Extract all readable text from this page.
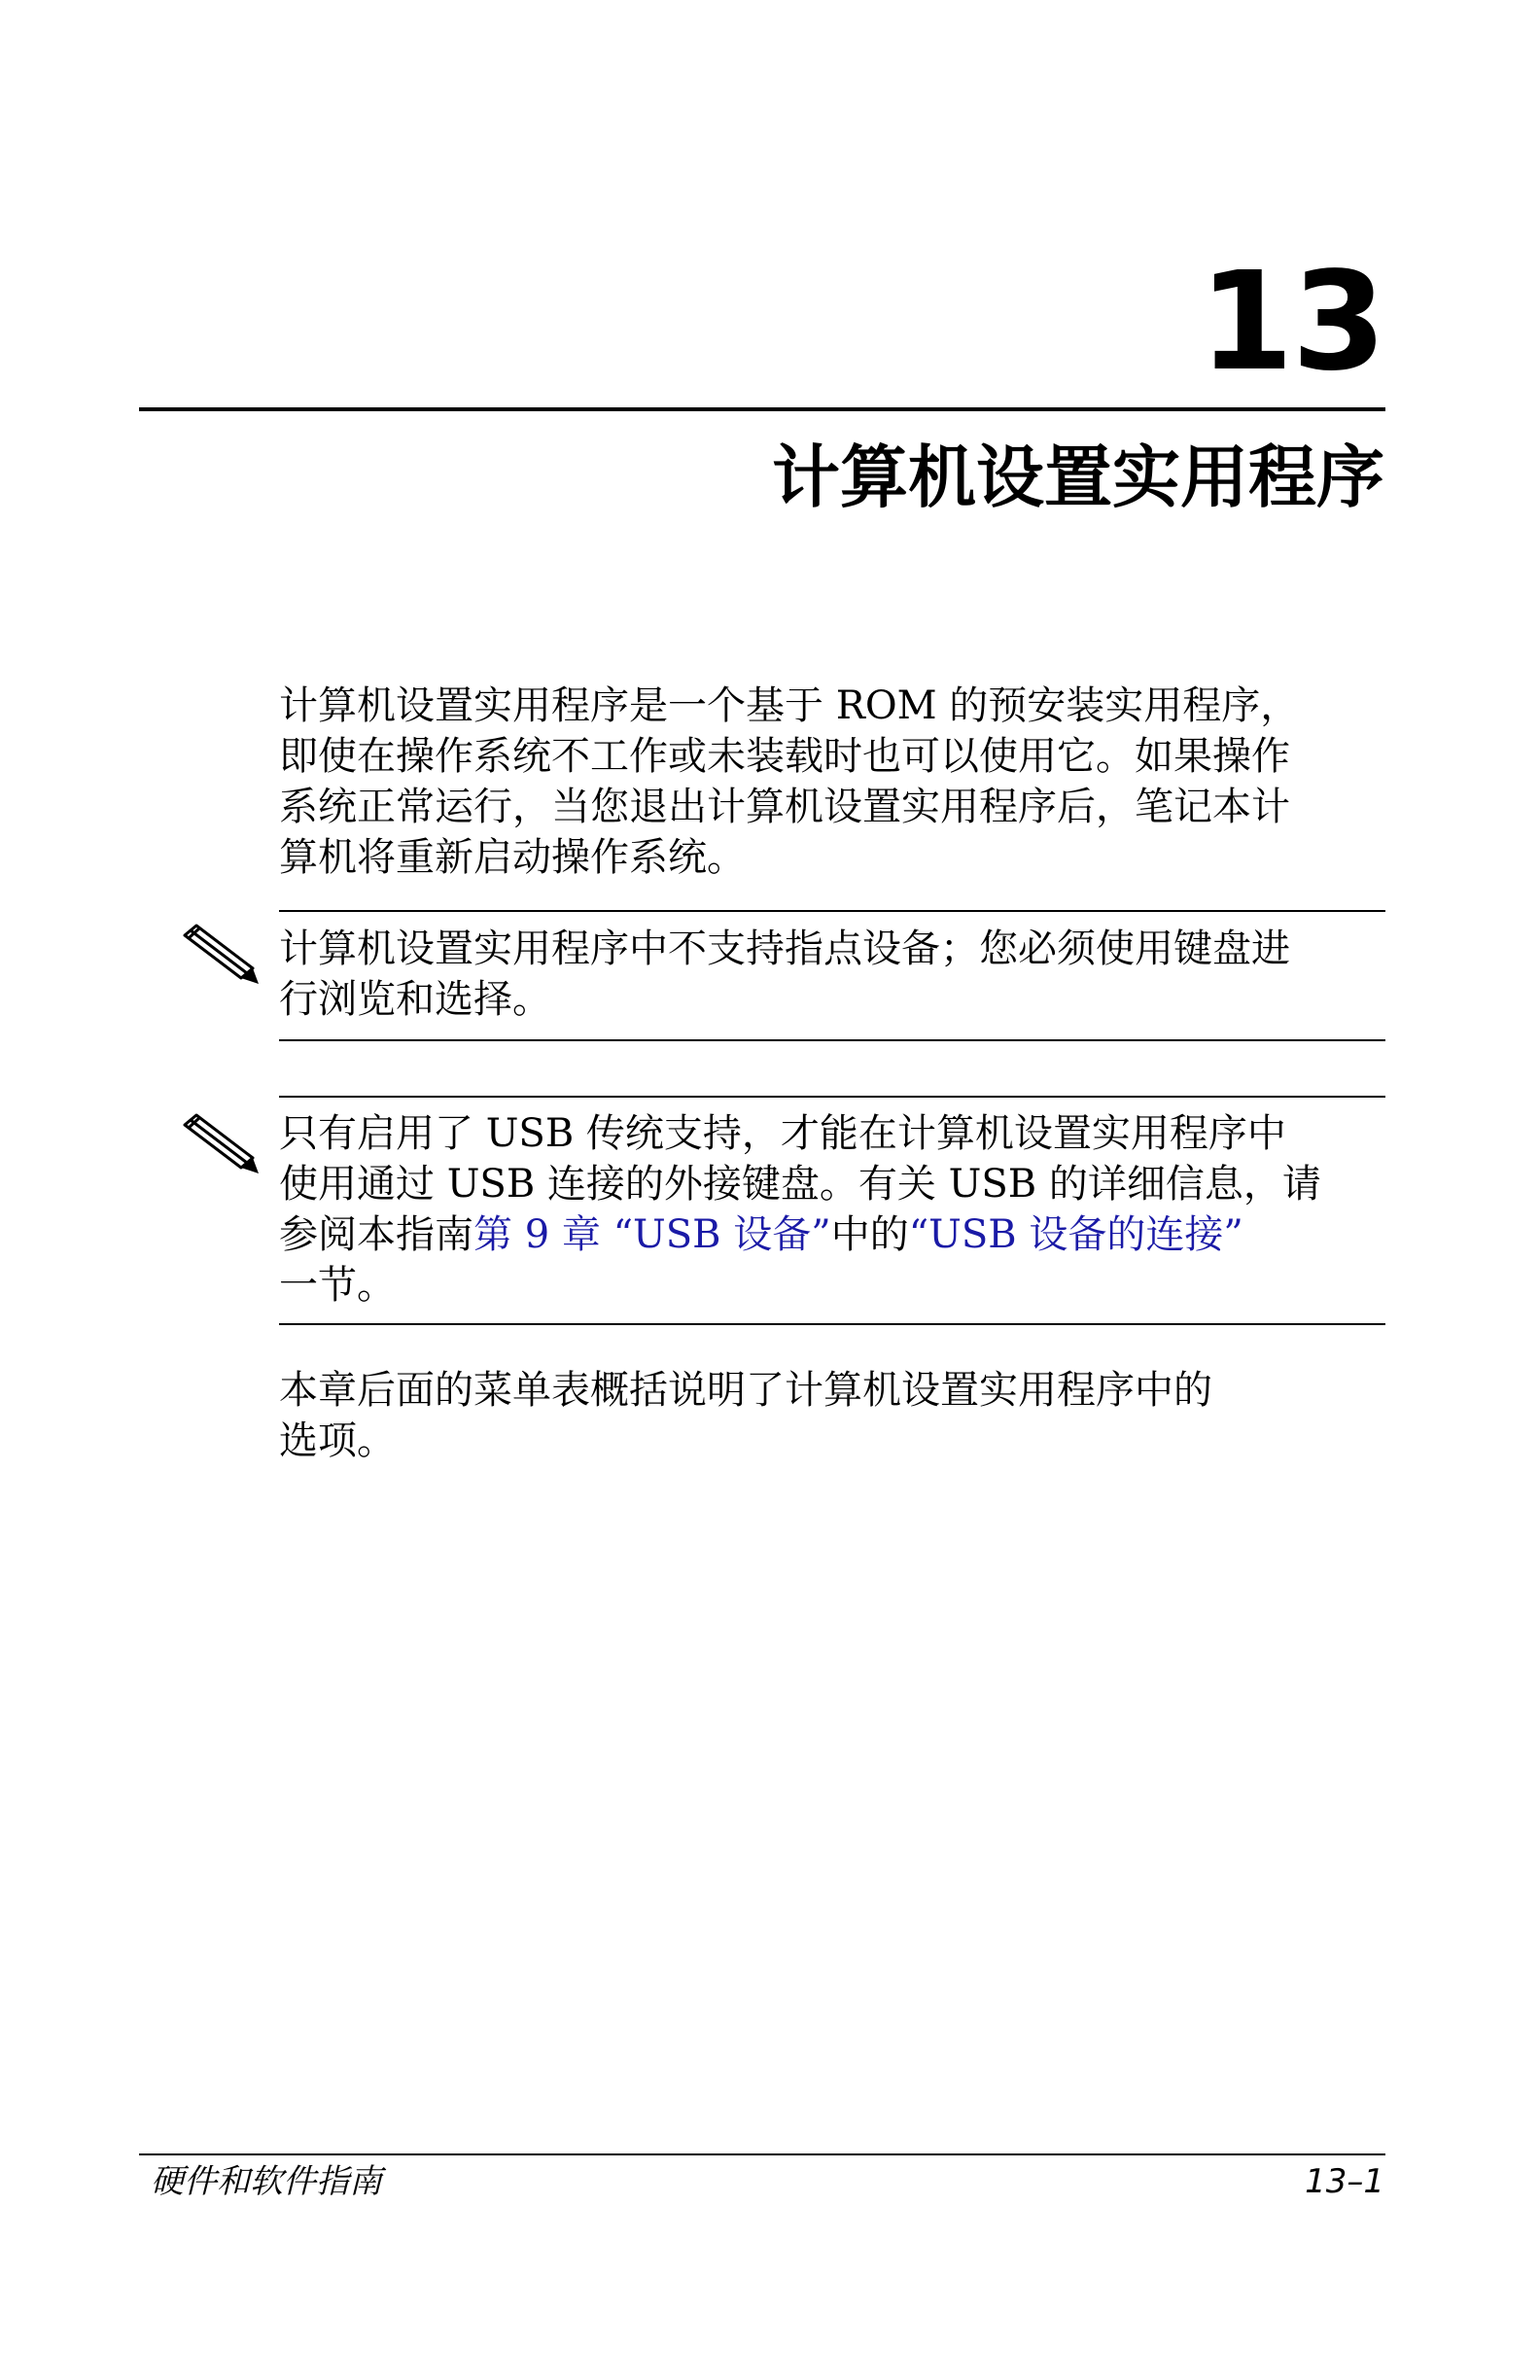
13
计算机设置实用程序
计算机设置实用程序是一个基于 ROM 的预安装实用程序，
即使在操作系统不工作或未装载时也可以使用它。如果操作
系统正常运行，当您退出计算机设置实用程序后，笔记本计
算机将重新启动操作系统。
计算机设置实用程序中不支持指点设备；您必须使用键盘进
行浏览和选择。
只有启用了 USB 传统支持，才能在计算机设置实用程序中
使用通过 USB 连接的外接键盘。有关 USB 的详细信息，请
参阅本指南第 9 章 “USB 设备”中的“USB 设备的连接”
一节。
本章后面的菜单表概括说明了计算机设置实用程序中的
选项。
硬件和软件指南	13–1
